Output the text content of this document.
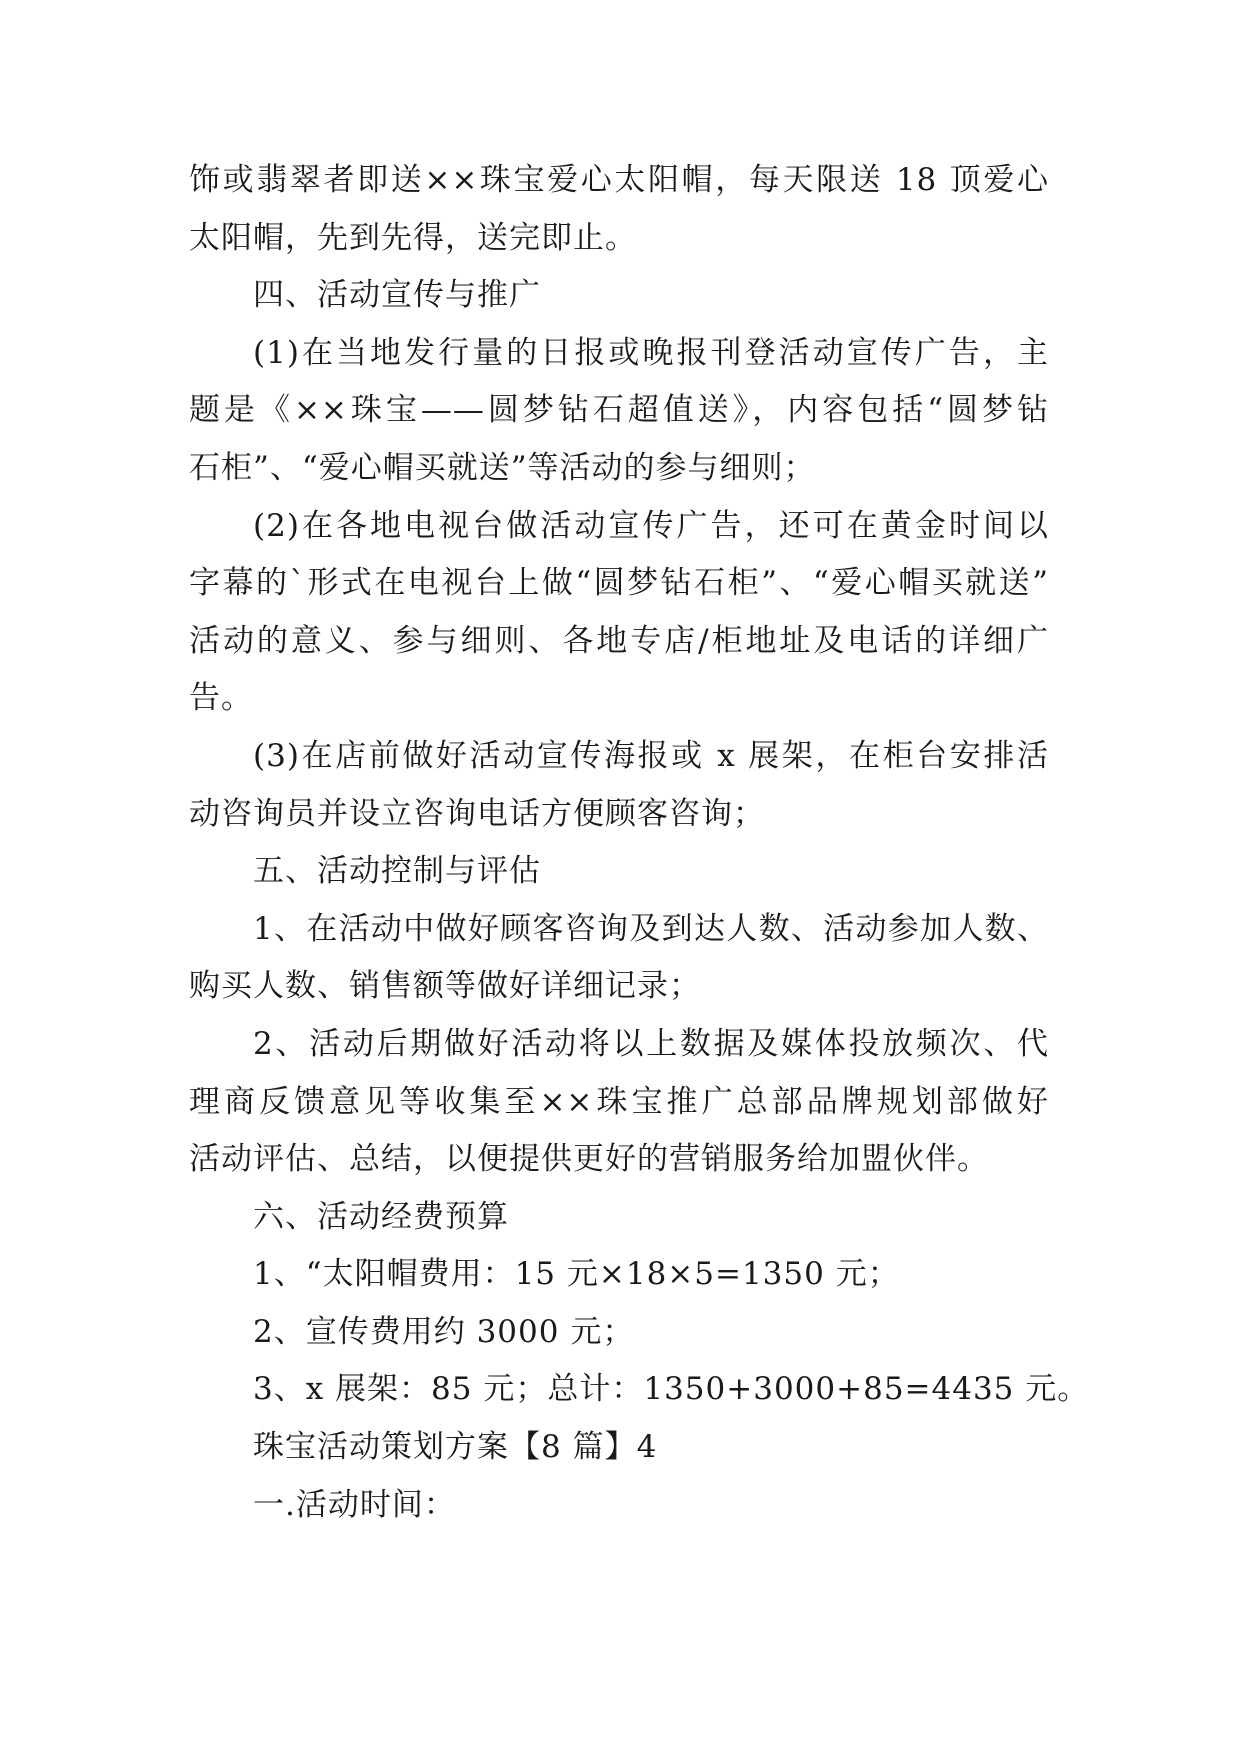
饰或翡翠者即送××珠宝爱心太阳帽，每天限送 18 顶爱心
太阳帽，先到先得，送完即止。
四、活动宣传与推广
(1)在当地发行量的日报或晚报刊登活动宣传广告，主
题是《××珠宝——圆梦钻石超值送》，内容包括“圆梦钻
石柜”、“爱心帽买就送”等活动的参与细则；
(2)在各地电视台做活动宣传广告，还可在黄金时间以
字幕的`形式在电视台上做“圆梦钻石柜”、“爱心帽买就送”
活动的意义、参与细则、各地专店/柜地址及电话的详细广
告。
(3)在店前做好活动宣传海报或 x 展架，在柜台安排活
动咨询员并设立咨询电话方便顾客咨询；
五、活动控制与评估
1、在活动中做好顾客咨询及到达人数、活动参加人数、
购买人数、销售额等做好详细记录；
2、活动后期做好活动将以上数据及媒体投放频次、代
理商反馈意见等收集至××珠宝推广总部品牌规划部做好
活动评估、总结，以便提供更好的营销服务给加盟伙伴。
六、活动经费预算
1、“太阳帽费用：15 元×18×5=1350 元；
2、宣传费用约 3000 元；
3、x 展架：85 元；总计：1350+3000+85=4435 元。
珠宝活动策划方案【8 篇】4
一.活动时间：
